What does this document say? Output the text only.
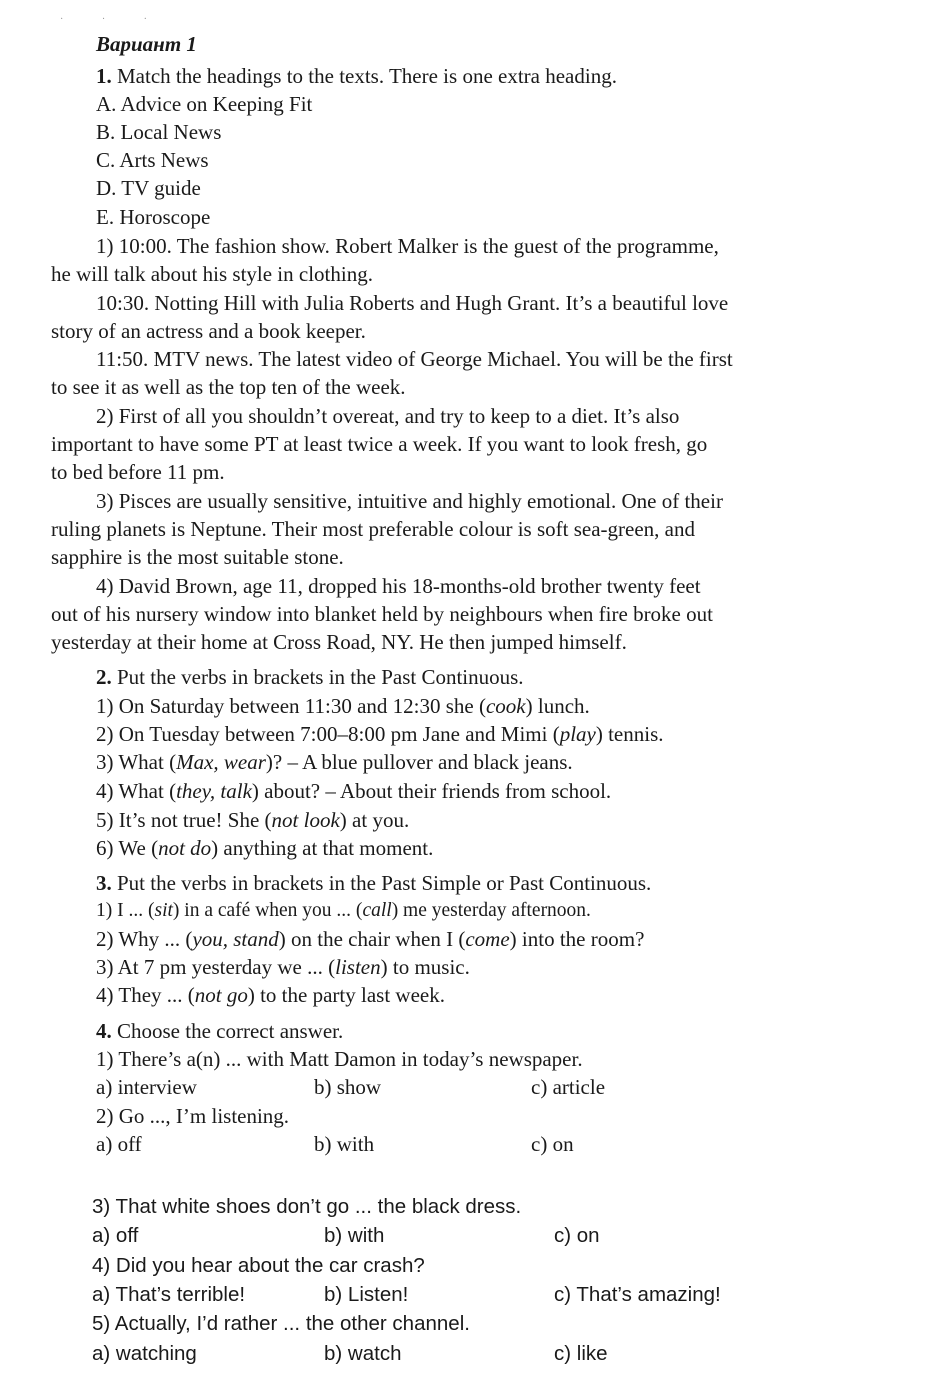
· · ·
Вариант 1
1. Match the headings to the texts. There is one extra heading.
A. Advice on Keeping Fit
B. Local News
C. Arts News
D. TV guide
E. Horoscope
1) 10:00. The fashion show. Robert Malker is the guest of the programme,
he will talk about his style in clothing.
10:30. Notting Hill with Julia Roberts and Hugh Grant. It’s a beautiful love
story of an actress and a book keeper.
11:50. MTV news. The latest video of George Michael. You will be the first
to see it as well as the top ten of the week.
2) First of all you shouldn’t overeat, and try to keep to a diet. It’s also
important to have some PT at least twice a week. If you want to look fresh, go
to bed before 11 pm.
3) Pisces are usually sensitive, intuitive and highly emotional. One of their
ruling planets is Neptune. Their most preferable colour is soft sea-green, and
sapphire is the most suitable stone.
4) David Brown, age 11, dropped his 18-months-old brother twenty feet
out of his nursery window into blanket held by neighbours when fire broke out
yesterday at their home at Cross Road, NY. He then jumped himself.
2. Put the verbs in brackets in the Past Continuous.
1) On Saturday between 11:30 and 12:30 she (cook) lunch.
2) On Tuesday between 7:00–8:00 pm Jane and Mimi (play) tennis.
3) What (Max, wear)? – A blue pullover and black jeans.
4) What (they, talk) about? – About their friends from school.
5) It’s not true! She (not look) at you.
6) We (not do) anything at that moment.
3. Put the verbs in brackets in the Past Simple or Past Continuous.
1) I ... (sit) in a café when you ... (call) me yesterday afternoon.
2) Why ... (you, stand) on the chair when I (come) into the room?
3) At 7 pm yesterday we ... (listen) to music.
4) They ... (not go) to the party last week.
4. Choose the correct answer.
1) There’s a(n) ... with Matt Damon in today’s newspaper.
a) interview	b) show	c) article
2) Go ..., I’m listening.
a) off	b) with	c) on
3) That white shoes don’t go ... the black dress.
a) off	b) with	c) on
4) Did you hear about the car crash?
a) That’s terrible!	b) Listen!	c) That’s amazing!
5) Actually, I’d rather ... the other channel.
a) watching	b) watch	c) like
